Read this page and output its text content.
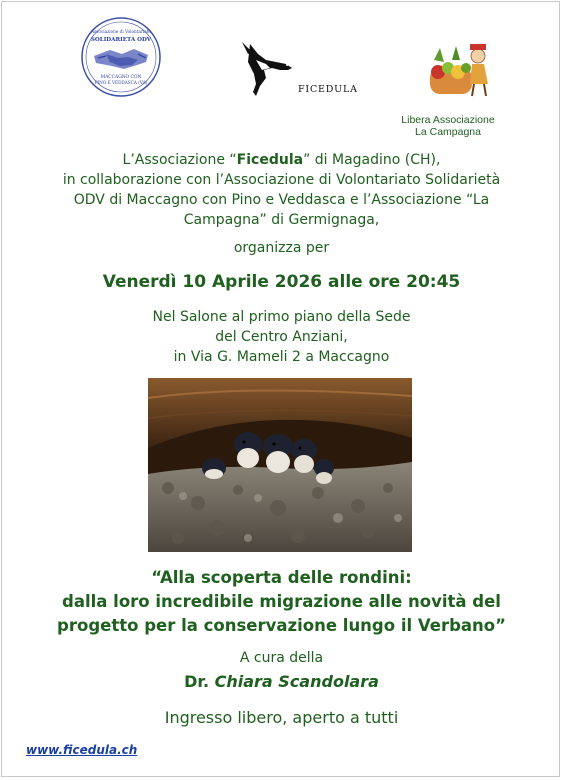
Associazione di Volontariato
SOLIDARIETÀ ODV
MACCAGNO CON
PINO E VEDDASCA (VA)
FICEDULA
Libera Associazione
La Campagna
L’Associazione “Ficedula” di Magadino (CH),
in collaborazione con l’Associazione di Volontariato Solidarietà
ODV di Maccagno con Pino e Veddasca e l’Associazione “La
Campagna” di Germignaga,
organizza per
Venerdì 10 Aprile 2026 alle ore 20:45
Nel Salone al primo piano della Sede
del Centro Anziani,
in Via G. Mameli 2 a Maccagno
“Alla scoperta delle rondini:
dalla loro incredibile migrazione alle novità del
progetto per la conservazione lungo il Verbano”
A cura della
Dr. Chiara Scandolara
Ingresso libero, aperto a tutti
www.ficedula.ch
